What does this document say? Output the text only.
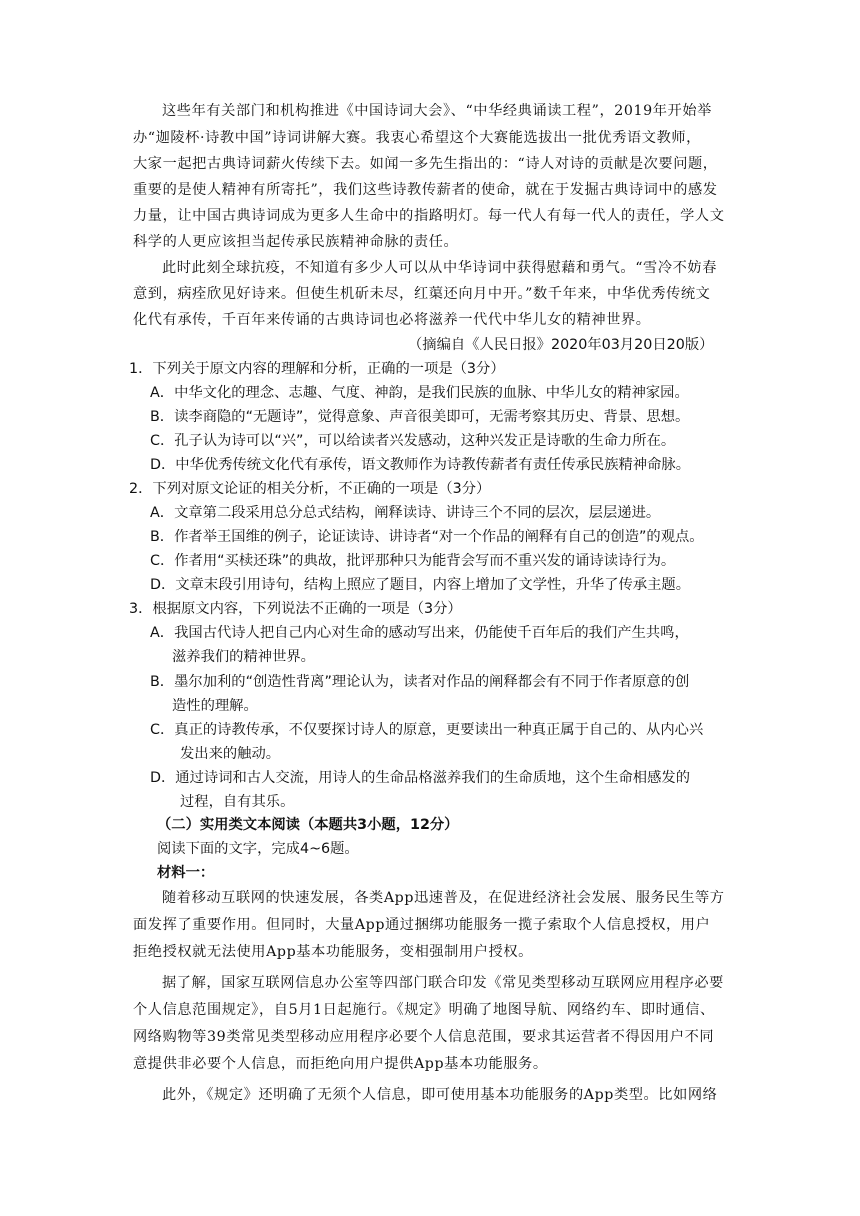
这些年有关部门和机构推进《中国诗词大会》、“中华经典诵读工程”，2019年开始举
办“迦陵杯·诗教中国”诗词讲解大赛。我衷心希望这个大赛能选拔出一批优秀语文教师，
大家一起把古典诗词薪火传续下去。如闻一多先生指出的：“诗人对诗的贡献是次要问题，
重要的是使人精神有所寄托”，我们这些诗教传薪者的使命，就在于发掘古典诗词中的感发
力量，让中国古典诗词成为更多人生命中的指路明灯。每一代人有每一代人的责任，学人文
科学的人更应该担当起传承民族精神命脉的责任。
此时此刻全球抗疫，不知道有多少人可以从中华诗词中获得慰藉和勇气。“雪冷不妨春
意到，病痊欣见好诗来。但使生机斫未尽，红蕖还向月中开。”数千年来，中华优秀传统文
化代有承传，千百年来传诵的古典诗词也必将滋养一代代中华儿女的精神世界。
（摘编自《人民日报》2020年03月20日20版）
1．下列关于原文内容的理解和分析，正确的一项是（3分）
A．中华文化的理念、志趣、气度、神韵，是我们民族的血脉、中华儿女的精神家园。
B．读李商隐的“无题诗”，觉得意象、声音很美即可，无需考察其历史、背景、思想。
C．孔子认为诗可以“兴”，可以给读者兴发感动，这种兴发正是诗歌的生命力所在。
D．中华优秀传统文化代有承传，语文教师作为诗教传薪者有责任传承民族精神命脉。
2．下列对原文论证的相关分析，不正确的一项是（3分）
A．文章第二段采用总分总式结构，阐释读诗、讲诗三个不同的层次，层层递进。
B．作者举王国维的例子，论证读诗、讲诗者“对一个作品的阐释有自己的创造”的观点。
C．作者用“买椟还珠”的典故，批评那种只为能背会写而不重兴发的诵诗读诗行为。
D．文章末段引用诗句，结构上照应了题目，内容上增加了文学性，升华了传承主题。
3．根据原文内容，下列说法不正确的一项是（3分）
A．我国古代诗人把自己内心对生命的感动写出来，仍能使千百年后的我们产生共鸣，
滋养我们的精神世界。
B．墨尔加利的“创造性背离”理论认为，读者对作品的阐释都会有不同于作者原意的创
造性的理解。
C．真正的诗教传承，不仅要探讨诗人的原意，更要读出一种真正属于自己的、从内心兴
发出来的触动。
D．通过诗词和古人交流，用诗人的生命品格滋养我们的生命质地，这个生命相感发的
过程，自有其乐。
（二）实用类文本阅读（本题共3小题，12分）
阅读下面的文字，完成4~6题。
材料一：
随着移动互联网的快速发展，各类App迅速普及，在促进经济社会发展、服务民生等方
面发挥了重要作用。但同时，大量App通过捆绑功能服务一揽子索取个人信息授权，用户
拒绝授权就无法使用App基本功能服务，变相强制用户授权。
据了解，国家互联网信息办公室等四部门联合印发《常见类型移动互联网应用程序必要
个人信息范围规定》，自5月1日起施行。《规定》明确了地图导航、网络约车、即时通信、
网络购物等39类常见类型移动应用程序必要个人信息范围，要求其运营者不得因用户不同
意提供非必要个人信息，而拒绝向用户提供App基本功能服务。
此外，《规定》还明确了无须个人信息，即可使用基本功能服务的App类型。比如网络
